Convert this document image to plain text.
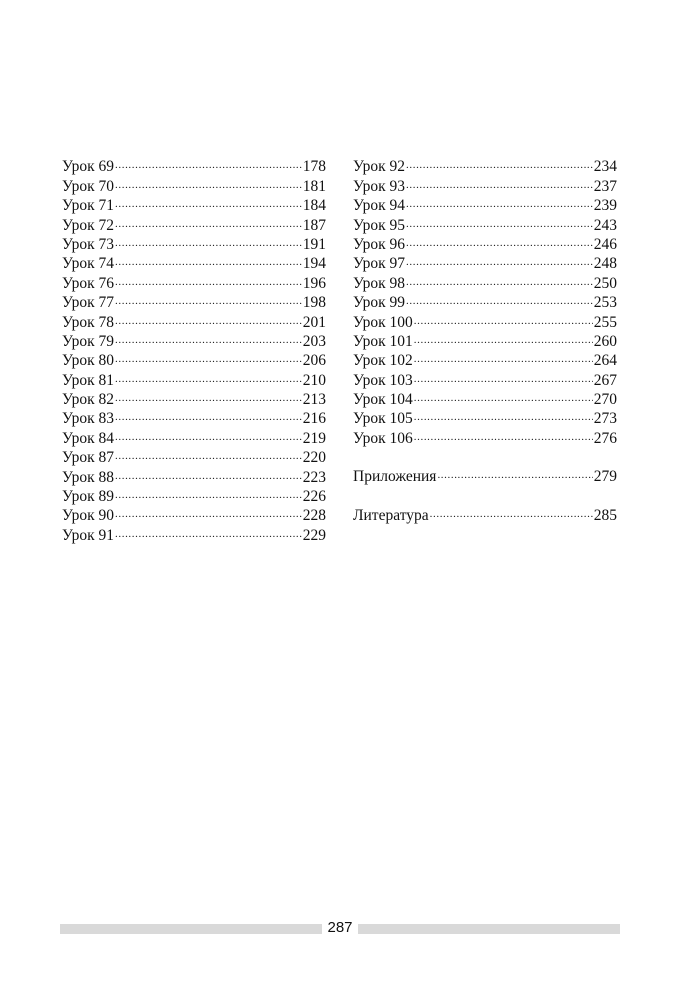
Урок 69 .....	178
Урок 70 .....	181
Урок 71 .....	184
Урок 72 .....	187
Урок 73 .....	191
Урок 74 .....	194
Урок 76 .....	196
Урок 77 .....	198
Урок 78 .....	201
Урок 79 .....	203
Урок 80 .....	206
Урок 81 .....	210
Урок 82 .....	213
Урок 83 .....	216
Урок 84 .....	219
Урок 87 .....	220
Урок 88 .....	223
Урок 89 .....	226
Урок 90 .....	228
Урок 91 .....	229
Урок 92 .....	234
Урок 93 .....	237
Урок 94 .....	239
Урок 95 .....	243
Урок 96 .....	246
Урок 97 .....	248
Урок 98 .....	250
Урок 99 .....	253
Урок 100 .....	255
Урок 101 .....	260
Урок 102 .....	264
Урок 103 .....	267
Урок 104 .....	270
Урок 105 .....	273
Урок 106 .....	276
Приложения .....	279
Литература .....	285
287
